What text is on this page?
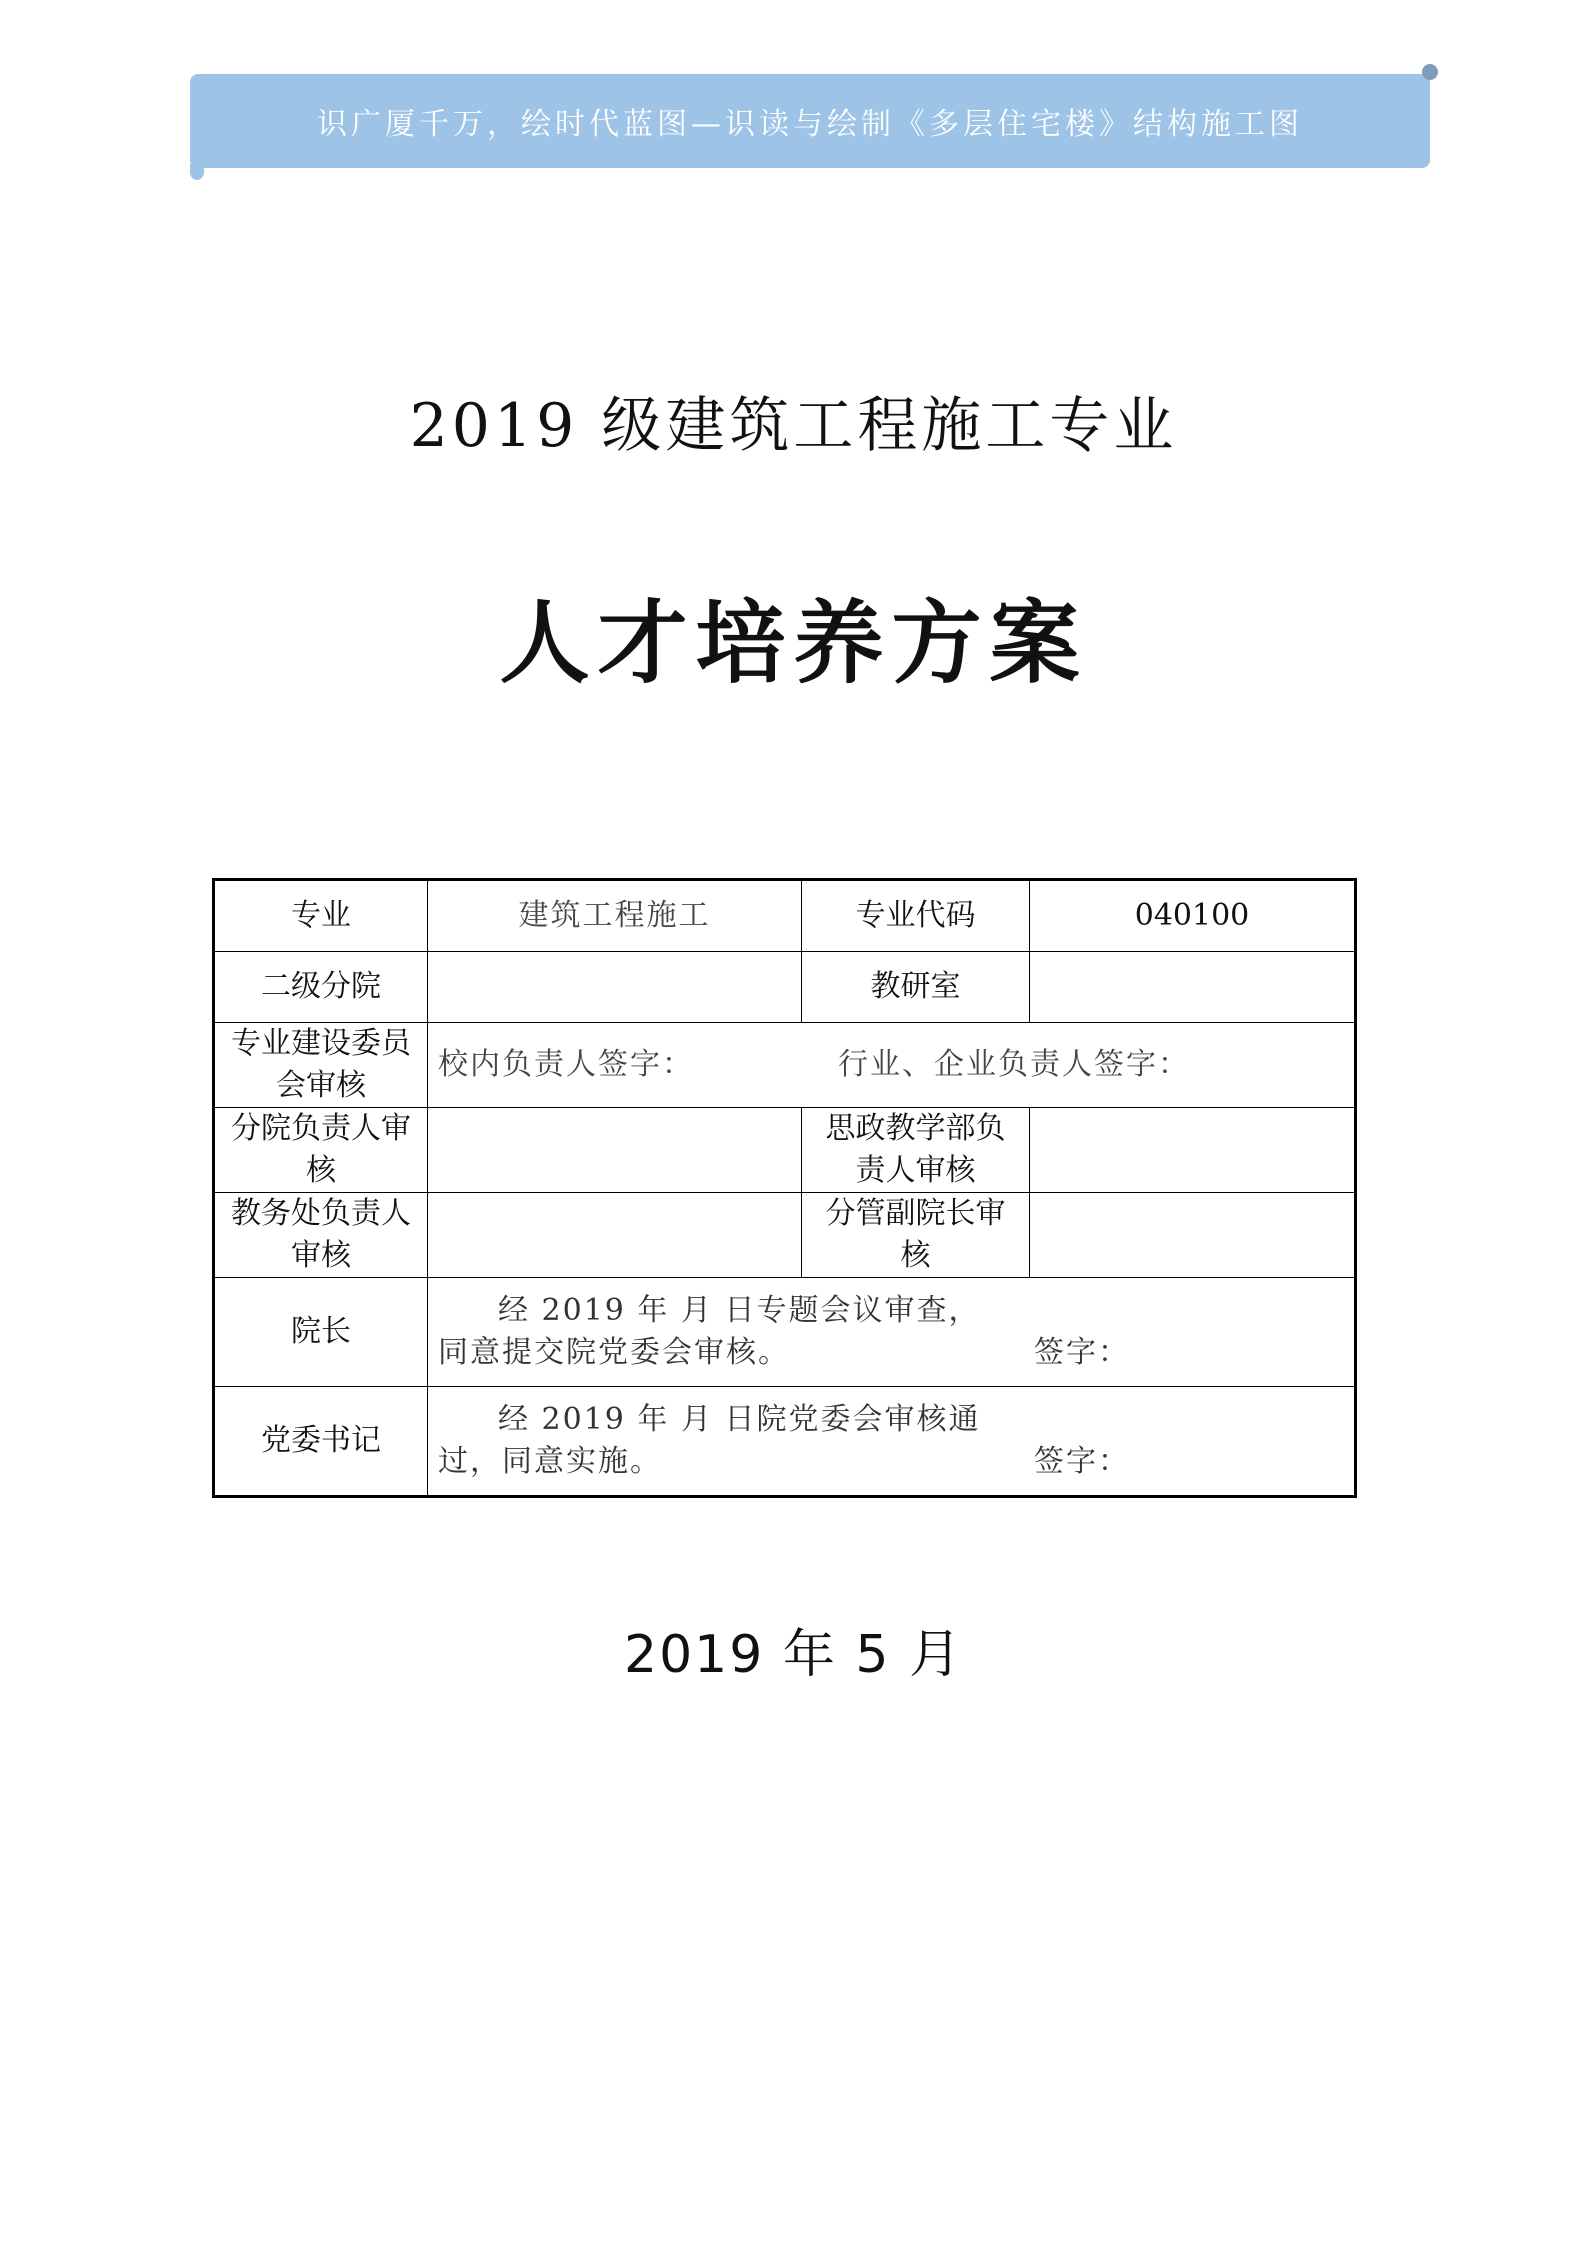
识广厦千万，绘时代蓝图—识读与绘制《多层住宅楼》结构施工图
2019 级建筑工程施工专业
人才培养方案
专业	建筑工程施工	专业代码	040100
二级分院		教研室	
专业建设委员会审核	校内负责人签字： 行业、企业负责人签字：		

分院负责人审核		思政教学部负责人审核	
教务处负责人审核		分管副院长审核	
院长	经 2019 年 月 日专题会议审查，
同意提交院党委会审核。 签字：		

党委书记	经 2019 年 月 日院党委会审核通
过，同意实施。 签字：		
2019 年 5 月
